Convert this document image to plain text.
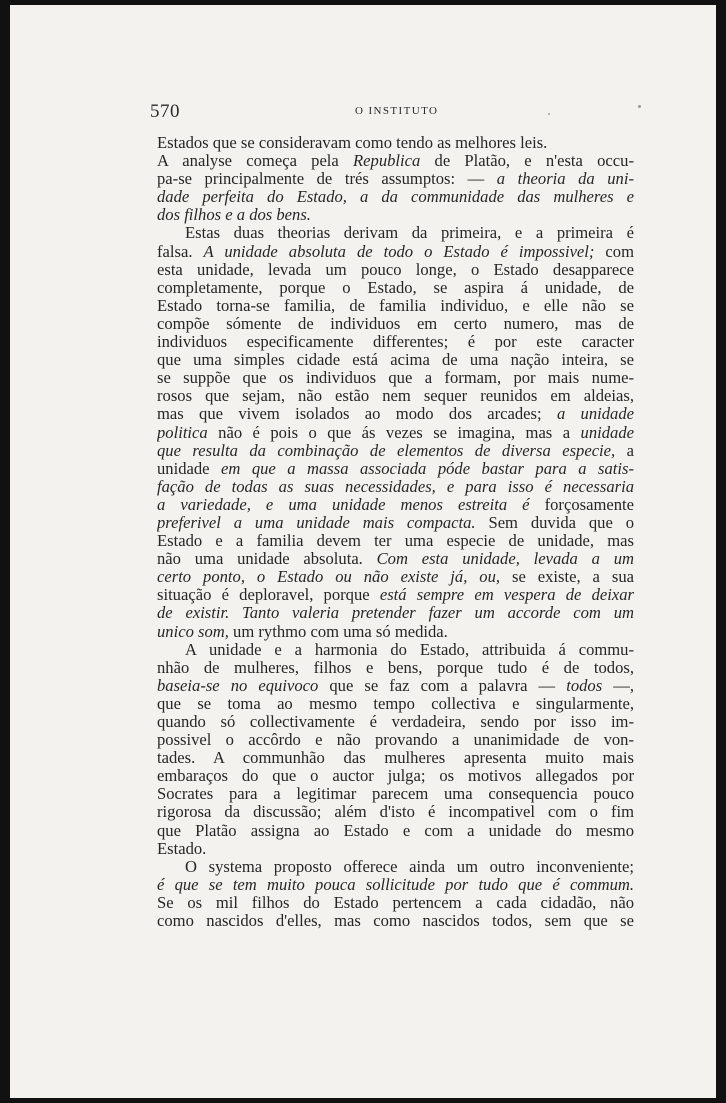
570	O INSTITUTO
Estados que se consideravam como tendo as melhores leis.
A analyse começa pela Republica de Platão, e n'esta occu-
pa-se principalmente de trés assumptos: — a theoria da uni-
dade perfeita do Estado, a da communidade das mulheres e
dos filhos e a dos bens.
Estas duas theorias derivam da primeira, e a primeira é
falsa. A unidade absoluta de todo o Estado é impossivel; com
esta unidade, levada um pouco longe, o Estado desapparece
completamente, porque o Estado, se aspira á unidade, de
Estado torna-se familia, de familia individuo, e elle não se
compõe sómente de individuos em certo numero, mas de
individuos especificamente differentes; é por este caracter
que uma simples cidade está acima de uma nação inteira, se
se suppõe que os individuos que a formam, por mais nume-
rosos que sejam, não estão nem sequer reunidos em aldeias,
mas que vivem isolados ao modo dos arcades; a unidade
politica não é pois o que ás vezes se imagina, mas a unidade
que resulta da combinação de elementos de diversa especie, a
unidade em que a massa associada póde bastar para a satis-
fação de todas as suas necessidades, e para isso é necessaria
a variedade, e uma unidade menos estreita é forçosamente
preferivel a uma unidade mais compacta. Sem duvida que o
Estado e a familia devem ter uma especie de unidade, mas
não uma unidade absoluta. Com esta unidade, levada a um
certo ponto, o Estado ou não existe já, ou, se existe, a sua
situação é deploravel, porque está sempre em vespera de deixar
de existir. Tanto valeria pretender fazer um accorde com um
unico som, um rythmo com uma só medida.
A unidade e a harmonia do Estado, attribuida á commu-
nhão de mulheres, filhos e bens, porque tudo é de todos,
baseia-se no equivoco que se faz com a palavra — todos —,
que se toma ao mesmo tempo collectiva e singularmente,
quando só collectivamente é verdadeira, sendo por isso im-
possivel o accôrdo e não provando a unanimidade de von-
tades. A communhão das mulheres apresenta muito mais
embaraços do que o auctor julga; os motivos allegados por
Socrates para a legitimar parecem uma consequencia pouco
rigorosa da discussão; além d'isto é incompativel com o fim
que Platão assigna ao Estado e com a unidade do mesmo
Estado.
O systema proposto offerece ainda um outro inconveniente;
é que se tem muito pouca sollicitude por tudo que é commum.
Se os mil filhos do Estado pertencem a cada cidadão, não
como nascidos d'elles, mas como nascidos todos, sem que se
